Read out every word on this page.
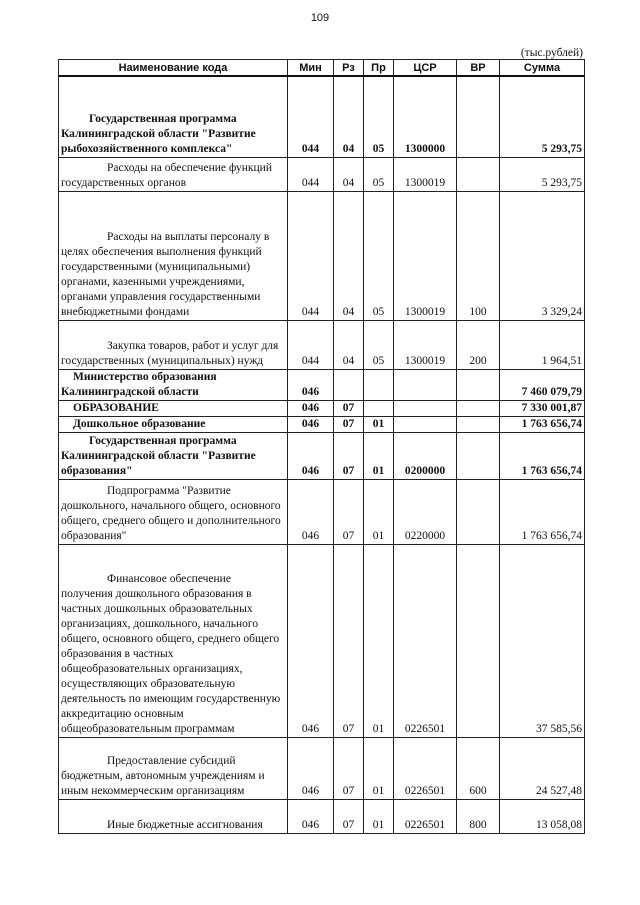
109
(тыс.рублей)
Наименование кода	Мин	Рз	Пр	ЦСР	ВР	Сумма
Государственная программа Калининградской области "Развитие рыбохозяйственного комплекса"	044	04	05	1300000		5 293,75
Расходы на обеспечение функций государственных органов	044	04	05	1300019		5 293,75
Расходы на выплаты персоналу в целях обеспечения выполнения функций государственными (муниципальными) органами, казенными учреждениями, органами управления государственными внебюджетными фондами	044	04	05	1300019	100	3 329,24
Закупка товаров, работ и услуг для государственных (муниципальных) нужд	044	04	05	1300019	200	1 964,51
Министерство образования Калининградской области	046					7 460 079,79
ОБРАЗОВАНИЕ	046	07				7 330 001,87
Дошкольное образование	046	07	01			1 763 656,74
Государственная программа Калининградской области "Развитие образования"	046	07	01	0200000		1 763 656,74
Подпрограмма "Развитие дошкольного, начального общего, основного общего, среднего общего и дополнительного образования"	046	07	01	0220000		1 763 656,74
Финансовое обеспечение получения дошкольного образования в частных дошкольных образовательных организациях, дошкольного, начального общего, основного общего, среднего общего образования в частных общеобразовательных организациях, осуществляющих образовательную деятельность по имеющим государственную аккредитацию основным общеобразовательным программам	046	07	01	0226501		37 585,56
Предоставление субсидий бюджетным, автономным учреждениям и иным некоммерческим организациям	046	07	01	0226501	600	24 527,48
Иные бюджетные ассигнования	046	07	01	0226501	800	13 058,08
